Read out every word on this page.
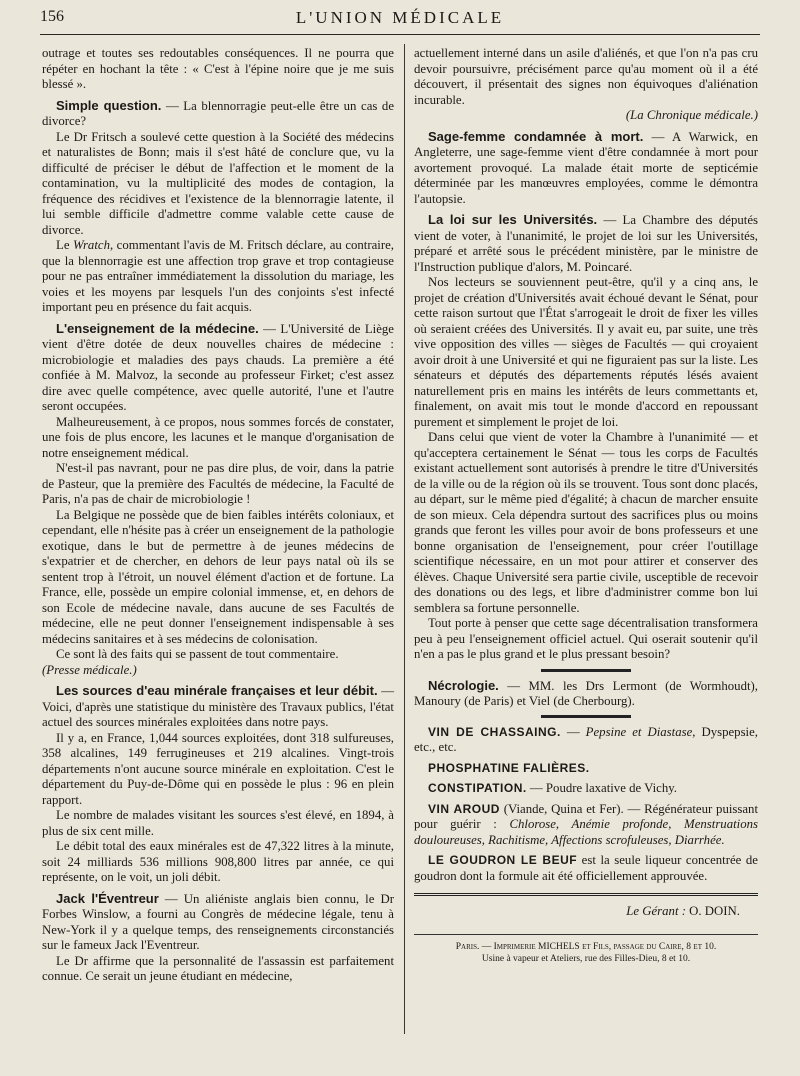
156	L'UNION MÉDICALE

outrage et toutes ses redoutables conséquences. Il ne pourra que répéter en hochant la tête : « C'est à l'épine noire que je me suis blessé ».

Simple question. — La blennorragie peut-elle être un cas de divorce?

Le Dr Fritsch a soulevé cette question à la Société des médecins et naturalistes de Bonn; mais il s'est hâté de conclure que, vu la difficulté de préciser le début de l'affection et le moment de la contamination, vu la multiplicité des modes de contagion, la fréquence des récidives et l'existence de la blennorragie latente, il lui semble difficile d'admettre comme valable cette cause de divorce.

Le Wratch, commentant l'avis de M. Fritsch déclare, au contraire, que la blennorragie est une affection trop grave et trop contagieuse pour ne pas entraîner immédiatement la dissolution du mariage, les voies et les moyens par lesquels l'un des conjoints s'est infecté important peu en présence du fait acquis.

L'enseignement de la médecine. — L'Université de Liège vient d'être dotée de deux nouvelles chaires de médecine : microbiologie et maladies des pays chauds. La première a été confiée à M. Malvoz, la seconde au professeur Firket; c'est assez dire avec quelle compétence, avec quelle autorité, l'une et l'autre seront occupées.

Malheureusement, à ce propos, nous sommes forcés de constater, une fois de plus encore, les lacunes et le manque d'organisation de notre enseignement médical.

N'est-il pas navrant, pour ne pas dire plus, de voir, dans la patrie de Pasteur, que la première des Facultés de médecine, la Faculté de Paris, n'a pas de chair de microbiologie !

La Belgique ne possède que de bien faibles intérêts coloniaux, et cependant, elle n'hésite pas à créer un enseignement de la pathologie exotique, dans le but de permettre à de jeunes médecins de s'expatrier et de chercher, en dehors de leur pays natal où ils se sentent trop à l'étroit, un nouvel élément d'action et de fortune. La France, elle, possède un empire colonial immense, et, en dehors de son Ecole de médecine navale, dans aucune de ses Facultés de médecine, elle ne peut donner l'enseignement indispensable à ses médecins sanitaires et à ses médecins de colonisation.

Ce sont là des faits qui se passent de tout commentaire.

(Presse médicale.)

Les sources d'eau minérale françaises et leur débit. — Voici, d'après une statistique du ministère des Travaux publics, l'état actuel des sources minérales exploitées dans notre pays.

Il y a, en France, 1,044 sources exploitées, dont 318 sulfureuses, 358 alcalines, 149 ferrugineuses et 219 alcalines. Vingt-trois départements n'ont aucune source minérale en exploitation. C'est le département du Puy-de-Dôme qui en possède le plus : 96 en plein rapport.

Le nombre de malades visitant les sources s'est élevé, en 1894, à plus de six cent mille.

Le débit total des eaux minérales est de 47,322 litres à la minute, soit 24 milliards 536 millions 908,800 litres par année, ce qui représente, on le voit, un joli débit.

Jack l'Éventreur — Un aliéniste anglais bien connu, le Dr Forbes Winslow, a fourni au Congrès de médecine légale, tenu à New-York il y a quelque temps, des renseignements circonstanciés sur le fameux Jack l'Eventreur.

Le Dr affirme que la personnalité de l'assassin est parfaitement connue. Ce serait un jeune étudiant en médecine,

actuellement interné dans un asile d'aliénés, et que l'on n'a pas cru devoir poursuivre, précisément parce qu'au moment où il a été découvert, il présentait des signes non équivoques d'aliénation incurable.

(La Chronique médicale.)

Sage-femme condamnée à mort. — A Warwick, en Angleterre, une sage-femme vient d'être condamnée à mort pour avortement provoqué. La malade était morte de septicémie déterminée par les manœuvres employées, comme le démontra l'autopsie.

La loi sur les Universités. — La Chambre des députés vient de voter, à l'unanimité, le projet de loi sur les Universités, préparé et arrêté sous le précédent ministère, par le ministre de l'Instruction publique d'alors, M. Poincaré.

Nos lecteurs se souviennent peut-être, qu'il y a cinq ans, le projet de création d'Universités avait échoué devant le Sénat, pour cette raison surtout que l'État s'arrogeait le droit de fixer les villes où seraient créées des Universités. Il y avait eu, par suite, une très vive opposition des villes — sièges de Facultés — qui croyaient avoir droit à une Université et qui ne figuraient pas sur la liste. Les sénateurs et députés des départements réputés lésés avaient naturellement pris en mains les intérêts de leurs commettants et, finalement, on avait mis tout le monde d'accord en repoussant purement et simplement le projet de loi.

Dans celui que vient de voter la Chambre à l'unanimité — et qu'acceptera certainement le Sénat — tous les corps de Facultés existant actuellement sont autorisés à prendre le titre d'Universités de la ville ou de la région où ils se trouvent. Tous sont donc placés, au départ, sur le même pied d'égalité; à chacun de marcher ensuite de son mieux. Cela dépendra surtout des sacrifices plus ou moins grands que feront les villes pour avoir de bons professeurs et une bonne organisation de l'enseignement, pour créer l'outillage scientifique nécessaire, en un mot pour attirer et conserver des élèves. Chaque Université sera partie civile, usceptible de recevoir des donations ou des legs, et libre d'administrer comme bon lui semblera sa fortune personnelle.

Tout porte à penser que cette sage décentralisation transformera peu à peu l'enseignement officiel actuel. Qui oserait soutenir qu'il n'en a pas le plus grand et le plus pressant besoin?

Nécrologie. — MM. les Drs Lermont (de Wormhoudt), Manoury (de Paris) et Viel (de Cherbourg).

VIN DE CHASSAING. — Pepsine et Diastase, Dyspepsie, etc., etc.

PHOSPHATINE FALIÈRES.

CONSTIPATION. — Poudre laxative de Vichy.

VIN AROUD (Viande, Quina et Fer). — Régénérateur puissant pour guérir : Chlorose, Anémie profonde, Menstruations douloureuses, Rachitisme, Affections scrofuleuses, Diarrhée.

LE GOUDRON LE BEUF est la seule liqueur concentrée de goudron dont la formule ait été officiellement approuvée.

Le Gérant : O. DOIN.

Paris. — Imprimerie MICHELS et Fils, passage du Caire, 8 et 10.
Usine à vapeur et Ateliers, rue des Filles-Dieu, 8 et 10.
